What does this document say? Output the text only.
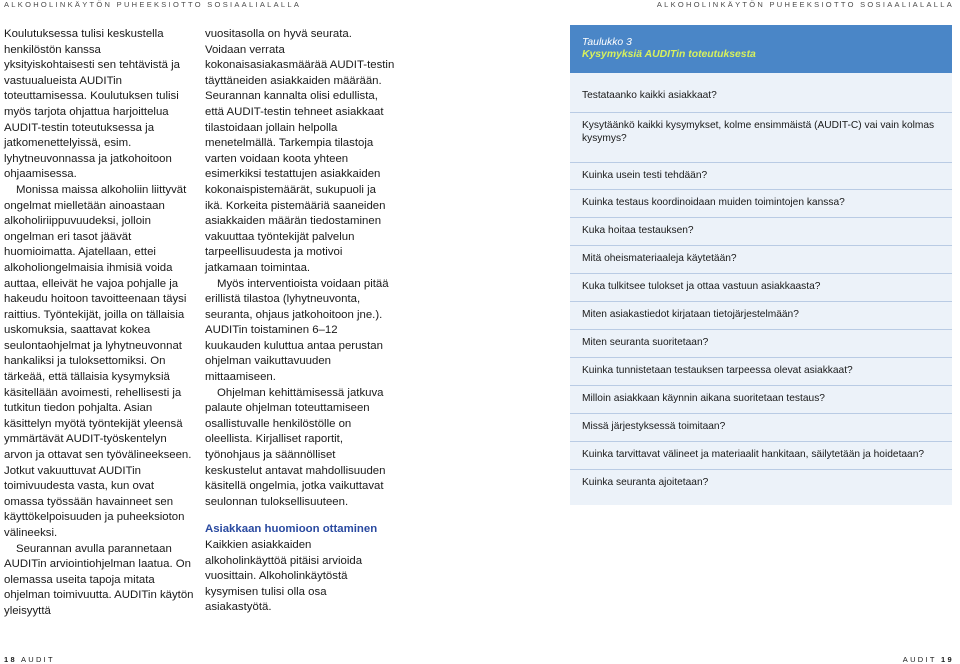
ALKOHOLINKÄYTÖN PUHEEKSIOTTO SOSIAALIALALLA	ALKOHOLINKÄYTÖN PUHEEKSIOTTO SOSIAALIALALLA

Koulutuksessa tulisi keskustella henkilöstön kanssa yksityiskohtaisesti sen tehtävistä ja vastuualueista AUDITin toteuttamisessa. Koulutuksen tulisi myös tarjota ohjattua harjoittelua AUDIT-testin toteutuksessa ja jatkomenettelyissä, esim. lyhytneuvonnassa ja jatkohoitoon ohjaamisessa.

Monissa maissa alkoholiin liittyvät ongelmat mielletään ainoastaan alkoholiriippuvuudeksi, jolloin ongelman eri tasot jäävät huomioimatta. Ajatellaan, ettei alkoholiongelmaisia ihmisiä voida auttaa, elleivät he vajoa pohjalle ja hakeudu hoitoon tavoitteenaan täysi raittius. Työntekijät, joilla on tällaisia uskomuksia, saattavat kokea seulontaohjelmat ja lyhytneuvonnat hankaliksi ja tuloksettomiksi. On tärkeää, että tällaisia kysymyksiä käsitellään avoimesti, rehellisesti ja tutkitun tiedon pohjalta. Asian käsittelyn myötä työntekijät yleensä ymmärtävät AUDIT-työskentelyn arvon ja ottavat sen työvälineekseen. Jotkut vakuuttuvat AUDITin toimivuudesta vasta, kun ovat omassa työssään havainneet sen käyttökelpoisuuden ja puheeksioton välineeksi.

Seurannan avulla parannetaan AUDITin arviointiohjelman laatua. On olemassa useita tapoja mitata ohjelman toimivuutta. AUDITin käytön yleisyyttä

vuositasolla on hyvä seurata. Voidaan verrata kokonaisasiakasmäärää AUDIT-testin täyttäneiden asiakkaiden määrään. Seurannan kannalta olisi edullista, että AUDIT-testin tehneet asiakkaat tilastoidaan jollain helpolla menetelmällä. Tarkempia tilastoja varten voidaan koota yhteen esimerkiksi testattujen asiakkaiden kokonaispistemäärät, sukupuoli ja ikä. Korkeita pistemääriä saaneiden asiakkaiden määrän tiedostaminen vakuuttaa työntekijät palvelun tarpeellisuudesta ja motivoi jatkamaan toimintaa.

Myös interventioista voidaan pitää erillistä tilastoa (lyhytneuvonta, seuranta, ohjaus jatkohoitoon jne.). AUDITin toistaminen 6–12 kuukauden kuluttua antaa perustan ohjelman vaikuttavuuden mittaamiseen.

Ohjelman kehittämisessä jatkuva palaute ohjelman toteuttamiseen osallistuvalle henkilöstölle on oleellista. Kirjalliset raportit, työnohjaus ja säännölliset keskustelut antavat mahdollisuuden käsitellä ongelmia, jotka vaikuttavat seulonnan tuloksellisuuteen.

Asiakkaan huomioon ottaminen

Kaikkien asiakkaiden alkoholinkäyttöä pitäisi arvioida vuosittain. Alkoholinkäytöstä kysymisen tulisi olla osa asiakastyötä.

Taulukko 3
Kysymyksiä AUDITin toteutuksesta
Testataanko kaikki asiakkaat?
Kysytäänkö kaikki kysymykset, kolme ensimmäistä (AUDIT-C) vai vain kolmas kysymys?
Kuinka usein testi tehdään?
Kuinka testaus koordinoidaan muiden toimintojen kanssa?
Kuka hoitaa testauksen?
Mitä oheismateriaaleja käytetään?
Kuka tulkitsee tulokset ja ottaa vastuun asiakkaasta?
Miten asiakastiedot kirjataan tietojärjestelmään?
Miten seuranta suoritetaan?
Kuinka tunnistetaan testauksen tarpeessa olevat asiakkaat?
Milloin asiakkaan käynnin aikana suoritetaan testaus?
Missä järjestyksessä toimitaan?
Kuinka tarvittavat välineet ja materiaalit hankitaan, säilytetään ja hoidetaan?
Kuinka seuranta ajoitetaan?
18 AUDIT	AUDIT 19
